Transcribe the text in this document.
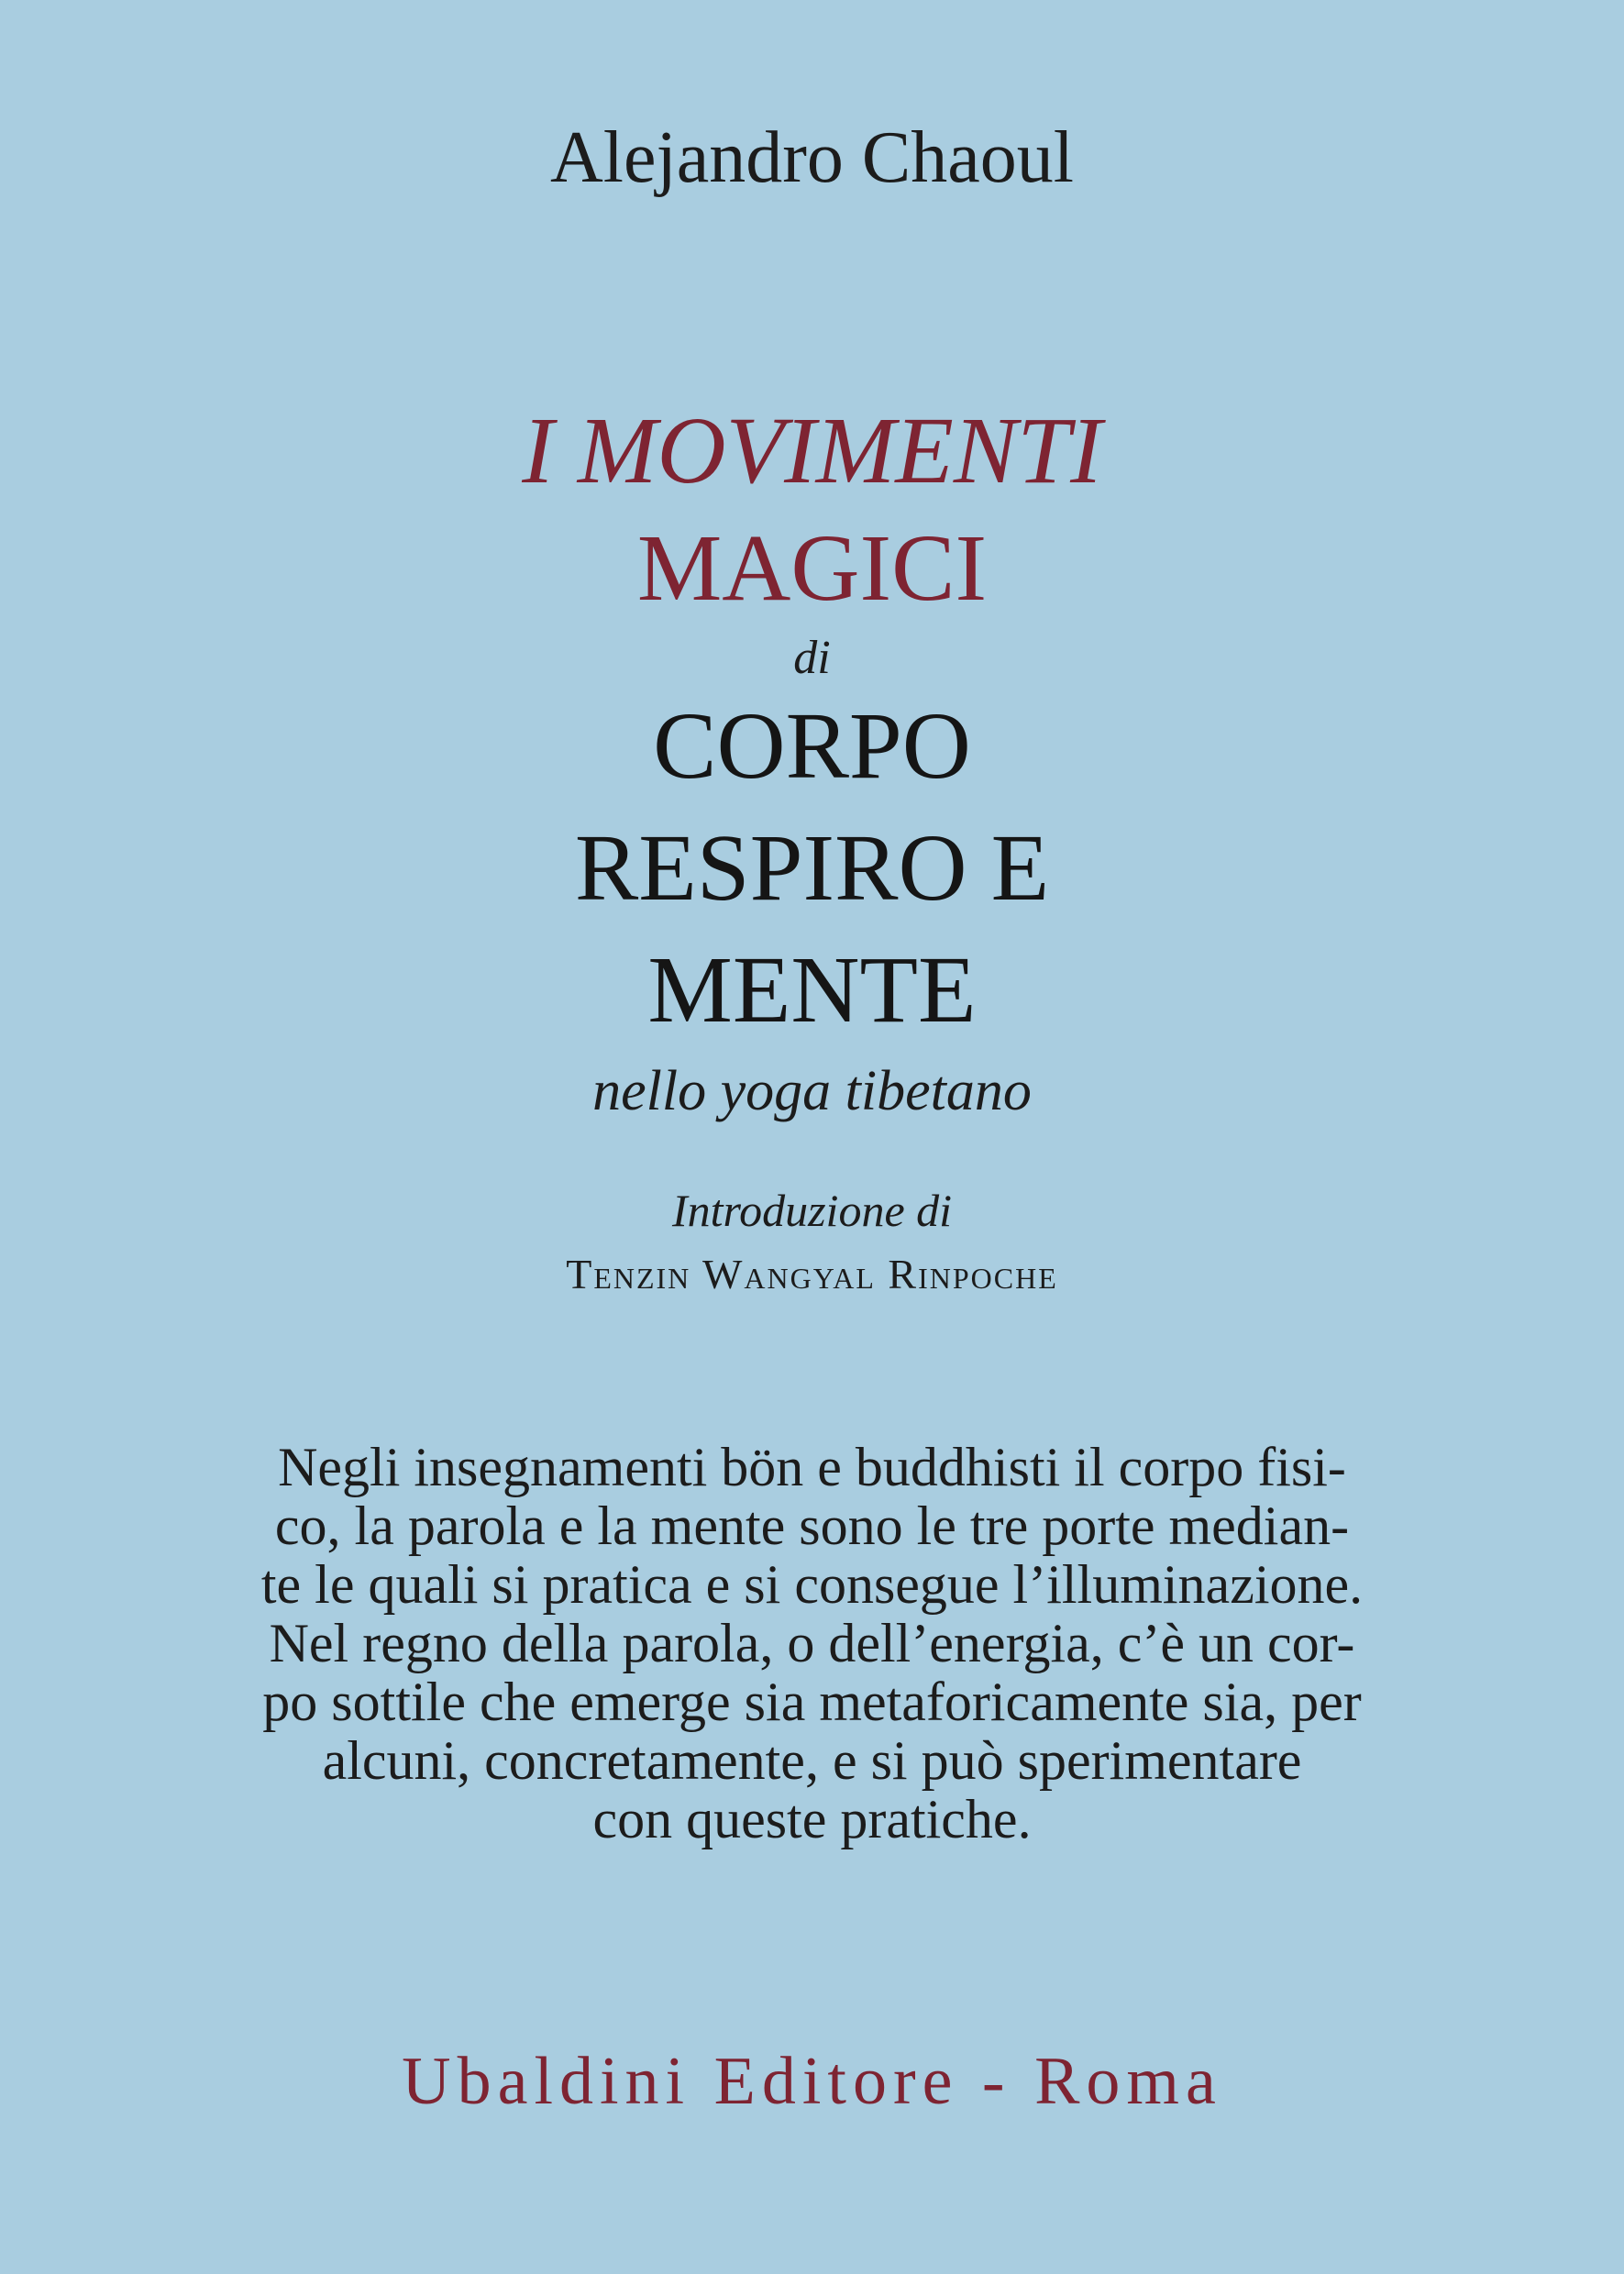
Alejandro Chaoul
I MOVIMENTI
MAGICI
di
CORPO
RESPIRO E
MENTE
nello yoga tibetano
Introduzione di
Tenzin Wangyal Rinpoche
Negli insegnamenti bön e buddhisti il corpo fisi-
co, la parola e la mente sono le tre porte median-
te le quali si pratica e si consegue l’illuminazione.
Nel regno della parola, o dell’energia, c’è un cor-
po sottile che emerge sia metaforicamente sia, per
alcuni, concretamente, e si può sperimentare
con queste pratiche.
Ubaldini Editore - Roma
